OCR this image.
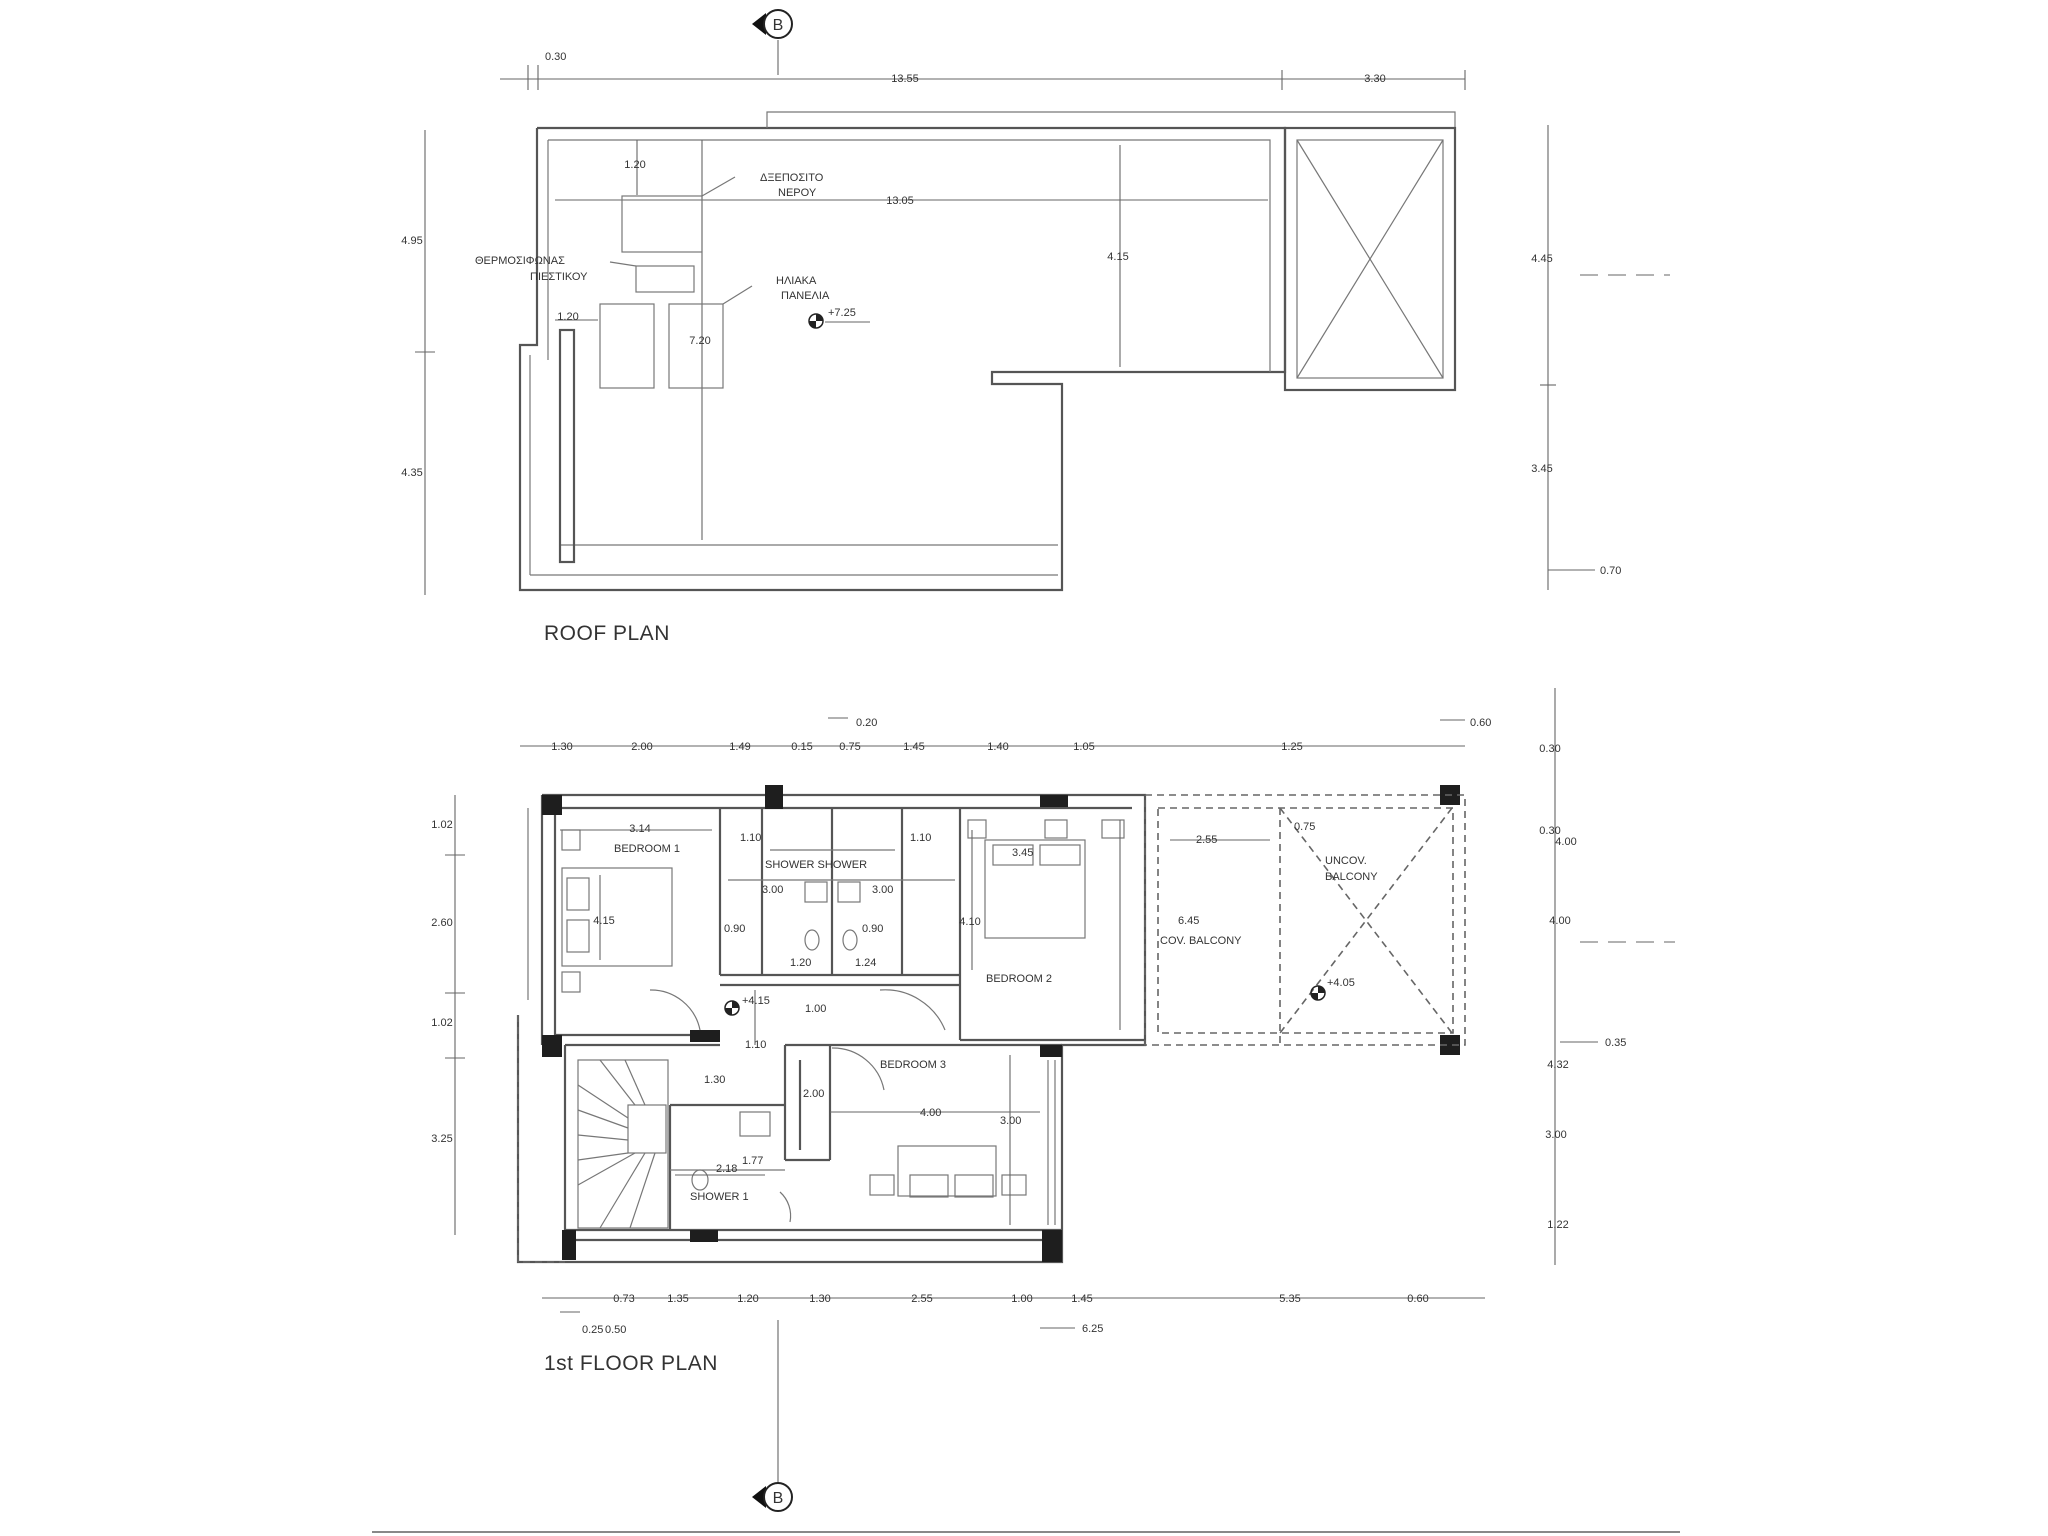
B
B
0.30
13.55	3.30
4.95
4.35
4.45
3.45
0.70
13.05
4.15
7.20
1.20
1.20
ΔΞΕΠΟΣΙΤΟ
ΝΕΡΟΥ
ΘΕΡΜΟΣΙΦΩΝΑΣ
ΠΙΕΣΤΙΚΟΥ	ΗΛΙΑΚΑ
ΠΑΝΕΛΙΑ
+7.25
ROOF PLAN
1.30	2.00	1.49	0.15 0.75	1.45	1.40	1.05	1.25
0.20	0.60
1.02
2.60
1.02
3.25
0.30
0.30
4.00
4.00
0.35
4.32
3.00
1.22
0.73	1.35	1.20	1.30	2.55	1.00	1.45	5.35	0.60
0.25 0.50	6.25
3.14
4.15
1.10	1.10
3.00	3.00
0.90	0.90
1.20	1.24
3.45
4.10
2.55
6.45
0.75
1.00
1.10
1.30
2.00
4.00
3.00
1.77
2.18
BEDROOM 1
BEDROOM 2
BEDROOM 3
SHOWER SHOWER
SHOWER 1
COV. BALCONY
UNCOV.
BALCONY
+4.15
+4.05
1st FLOOR PLAN
